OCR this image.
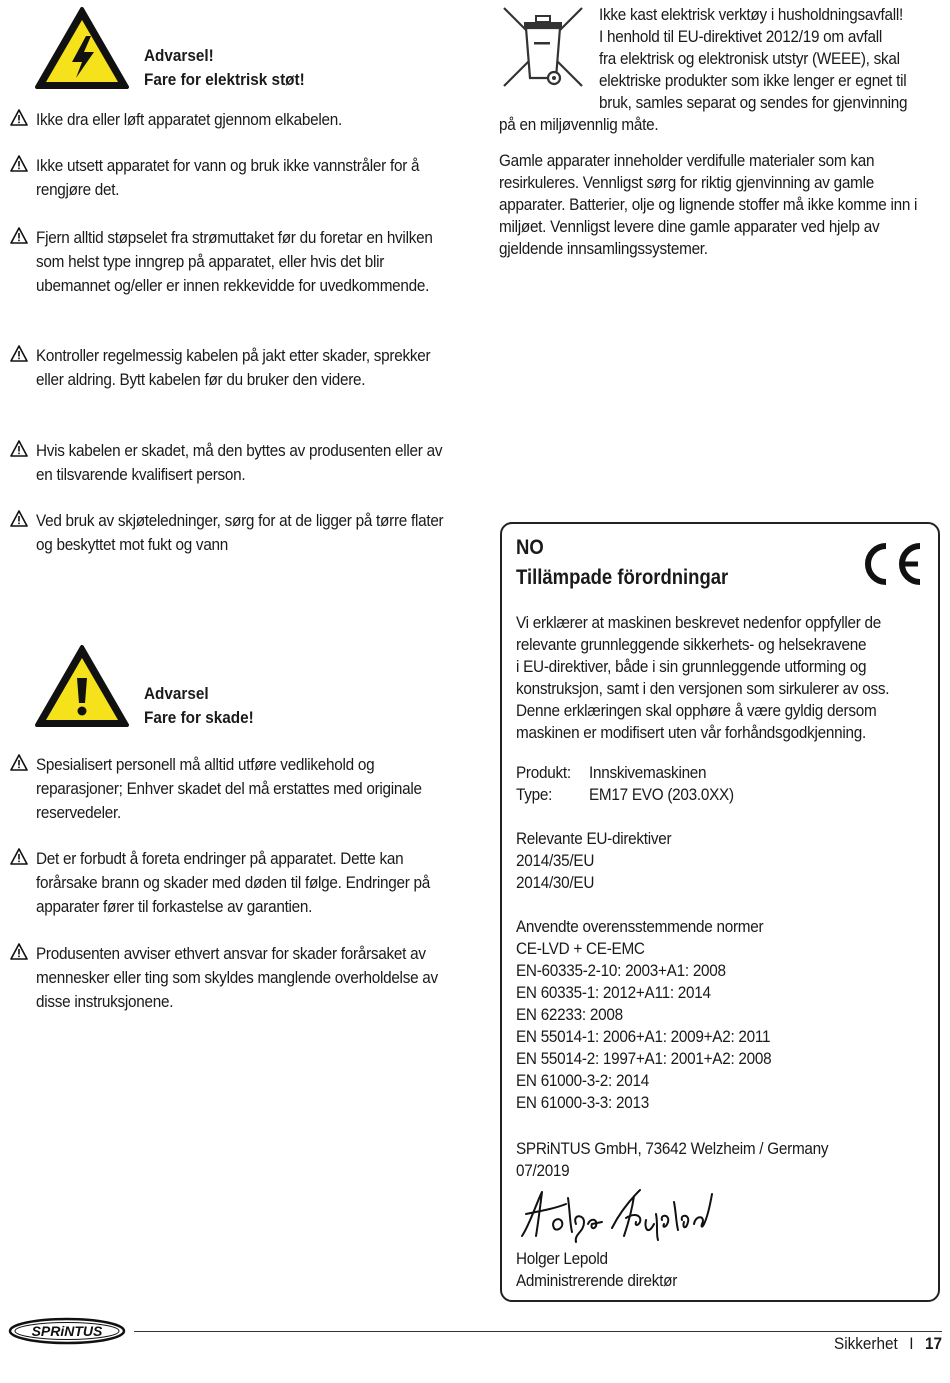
Advarsel!
Fare for elektrisk støt!
Ikke dra eller løft apparatet gjennom elkabelen.
Ikke utsett apparatet for vann og bruk ikke vannstråler for å rengjøre det.
Fjern alltid støpselet fra strømuttaket før du foretar en hvilken som helst type inngrep på apparatet, eller hvis det blir ubemannet og/eller er innen rekkevidde for uvedkommende.
Kontroller regelmessig kabelen på jakt etter skader, sprekker eller aldring. Bytt kabelen før du bruker den videre.
Hvis kabelen er skadet, må den byttes av produsenten eller av en tilsvarende kvalifisert person.
Ved bruk av skjøteledninger, sørg for at de ligger på tørre flater og beskyttet mot fukt og vann
Advarsel
Fare for skade!
Spesialisert personell må alltid utføre vedlikehold og reparasjoner; Enhver skadet del må erstattes med originale reservedeler.
Det er forbudt å foreta endringer på apparatet. Dette kan forårsake brann og skader med døden til følge. Endringer på apparater fører til forkastelse av garantien.
Produsenten avviser ethvert ansvar for skader forårsaket av mennesker eller ting som skyldes manglende overholdelse av disse instruksjonene.
Ikke kast elektrisk verktøy i husholdningsavfall!
I henhold til EU-direktivet 2012/19 om avfall
fra elektrisk og elektronisk utstyr (WEEE), skal
elektriske produkter som ikke lenger er egnet til
bruk, samles separat og sendes for gjenvinning
på en miljøvennlig måte.
Gamle apparater inneholder verdifulle materialer som kan resirkuleres. Vennligst sørg for riktig gjenvinning av gamle apparater. Batterier, olje og lignende stoffer må ikke komme inn i miljøet. Vennligst levere dine gamle apparater ved hjelp av gjeldende innsamlingssystemer.
NO
Tillämpade förordningar
Vi erklærer at maskinen beskrevet nedenfor oppfyller de
relevante grunnleggende sikkerhets- og helsekravene
i EU-direktiver, både i sin grunnleggende utforming og
konstruksjon, samt i den versjonen som sirkulerer av oss.
Denne erklæringen skal opphøre å være gyldig dersom
maskinen er modifisert uten vår forhåndsgodkjenning.
Produkt: Innskivemaskinen
Type: EM17 EVO (203.0XX)
Relevante EU-direktiver
2014/35/EU
2014/30/EU
Anvendte overensstemmende normer
CE-LVD + CE-EMC
EN-60335-2-10: 2003+A1: 2008
EN 60335-1: 2012+A11: 2014
EN 62233: 2008
EN 55014-1: 2006+A1: 2009+A2: 2011
EN 55014-2: 1997+A1: 2001+A2: 2008
EN 61000-3-2: 2014
EN 61000-3-3: 2013
SPRiNTUS GmbH, 73642 Welzheim / Germany
07/2019
Holger Lepold
Administrerende direktør
SPRiNTUS
Sikkerhet I 17
